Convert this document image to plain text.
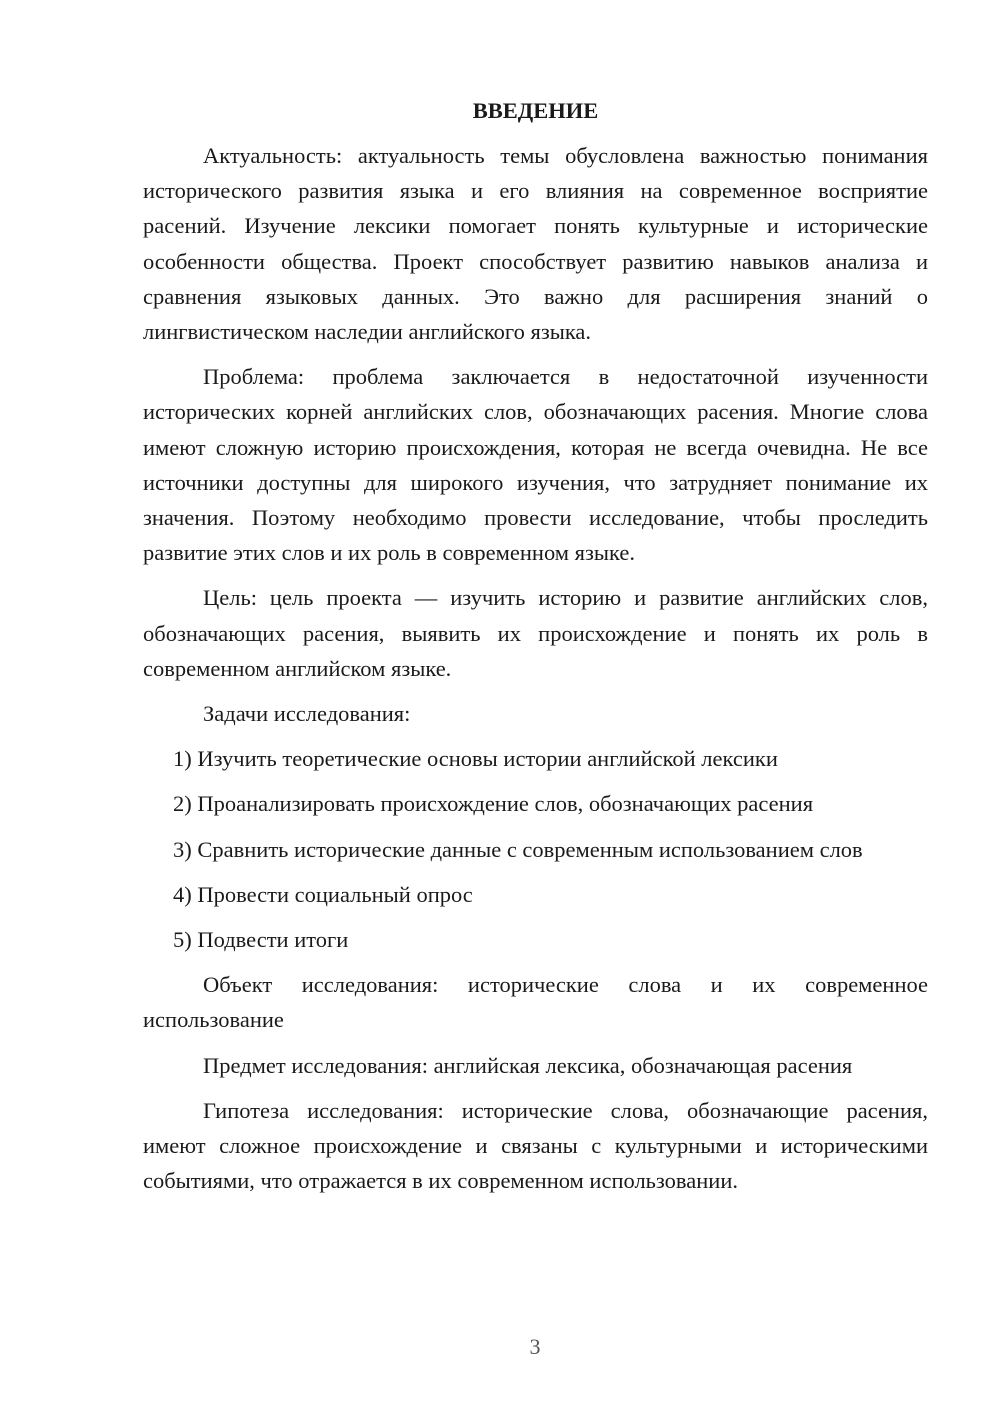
ВВЕДЕНИЕ

Актуальность: актуальность темы обусловлена важностью понимания исторического развития языка и его влияния на современное восприятие расений. Изучение лексики помогает понять культурные и исторические особенности общества. Проект способствует развитию навыков анализа и сравнения языковых данных. Это важно для расширения знаний о лингвистическом наследии английского языка.

Проблема: проблема заключается в недостаточной изученности исторических корней английских слов, обозначающих расения. Многие слова имеют сложную историю происхождения, которая не всегда очевидна. Не все источники доступны для широкого изучения, что затрудняет понимание их значения. Поэтому необходимо провести исследование, чтобы проследить развитие этих слов и их роль в современном языке.

Цель: цель проекта — изучить историю и развитие английских слов, обозначающих расения, выявить их происхождение и понять их роль в современном английском языке.

Задачи исследования:

1) Изучить теоретические основы истории английской лексики

2) Проанализировать происхождение слов, обозначающих расения

3) Сравнить исторические данные с современным использованием слов

4) Провести социальный опрос

5) Подвести итоги

Объект исследования: исторические слова и их современное использование

Предмет исследования: английская лексика, обозначающая расения

Гипотеза исследования: исторические слова, обозначающие расения, имеют сложное происхождение и связаны с культурными и историческими событиями, что отражается в их современном использовании.

3
